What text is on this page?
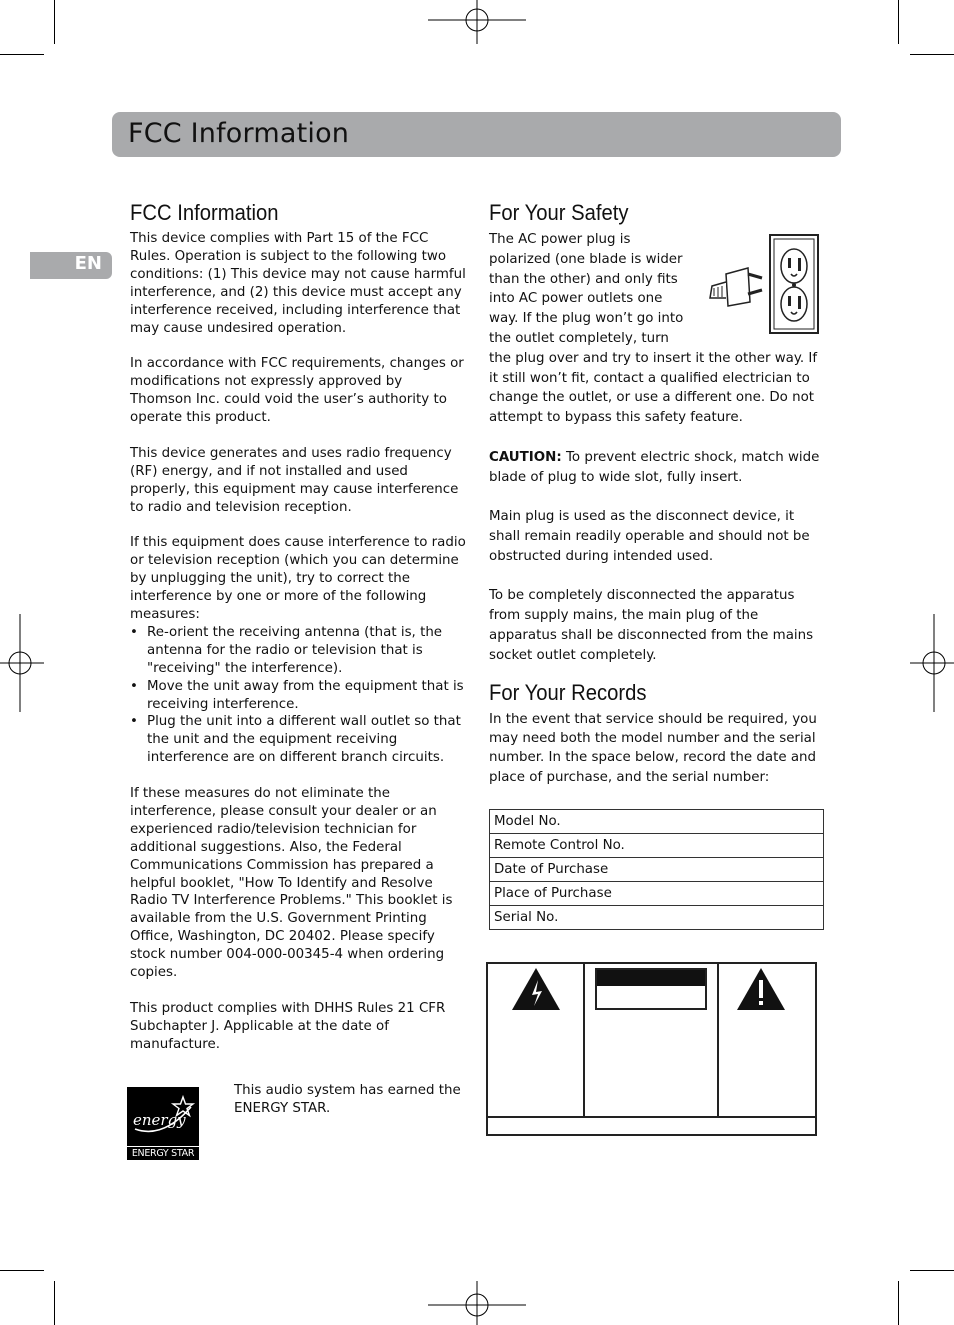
FCC Information
EN
FCC Information

This device complies with Part 15 of the FCC Rules. Operation is subject to the following two conditions: (1) This device may not cause harmful interference, and (2) this device must accept any interference received, including interference that may cause undesired operation.

In accordance with FCC requirements, changes or modifications not expressly approved by Thomson Inc. could void the user’s authority to operate this product.

This device generates and uses radio frequency (RF) energy, and if not installed and used properly, this equipment may cause interference to radio and television reception.

If this equipment does cause interference to radio or television reception (which you can determine by unplugging the unit), try to correct the interference by one or more of the following measures:

• Re-orient the receiving antenna (that is, the antenna for the radio or television that is "receiving" the interference).
• Move the unit away from the equipment that is receiving interference.
• Plug the unit into a different wall outlet so that the unit and the equipment receiving interference are on different branch circuits.

If these measures do not eliminate the interference, please consult your dealer or an experienced radio/television technician for additional suggestions. Also, the Federal Communications Commission has prepared a helpful booklet, "How To Identify and Resolve Radio TV Interference Problems." This booklet is available from the U.S. Government Printing Office, Washington, DC 20402. Please specify stock number 004-000-00345-4 when ordering copies.

This product complies with DHHS Rules 21 CFR Subchapter J. Applicable at the date of manufacture.

energy
ENERGY STAR
This audio system has earned the ENERGY STAR.
For Your Safety

The AC power plug is polarized (one blade is wider than the other) and only fits into AC power outlets one way. If the plug won’t go into the outlet completely, turn

the plug over and try to insert it the other way. If it still won’t fit, contact a qualified electrician to change the outlet, or use a different one. Do not attempt to bypass this safety feature.

CAUTION: To prevent electric shock, match wide blade of plug to wide slot, fully insert.

Main plug is used as the disconnect device, it shall remain readily operable and should not be obstructed during intended used.

To be completely disconnected the apparatus from supply mains, the main plug of the apparatus shall be disconnected from the mains socket outlet completely.

For Your Records

In the event that service should be required, you may need both the model number and the serial number. In the space below, record the date and place of purchase, and the serial number:

Model No.
Remote Control No.
Date of Purchase
Place of Purchase
Serial No.
